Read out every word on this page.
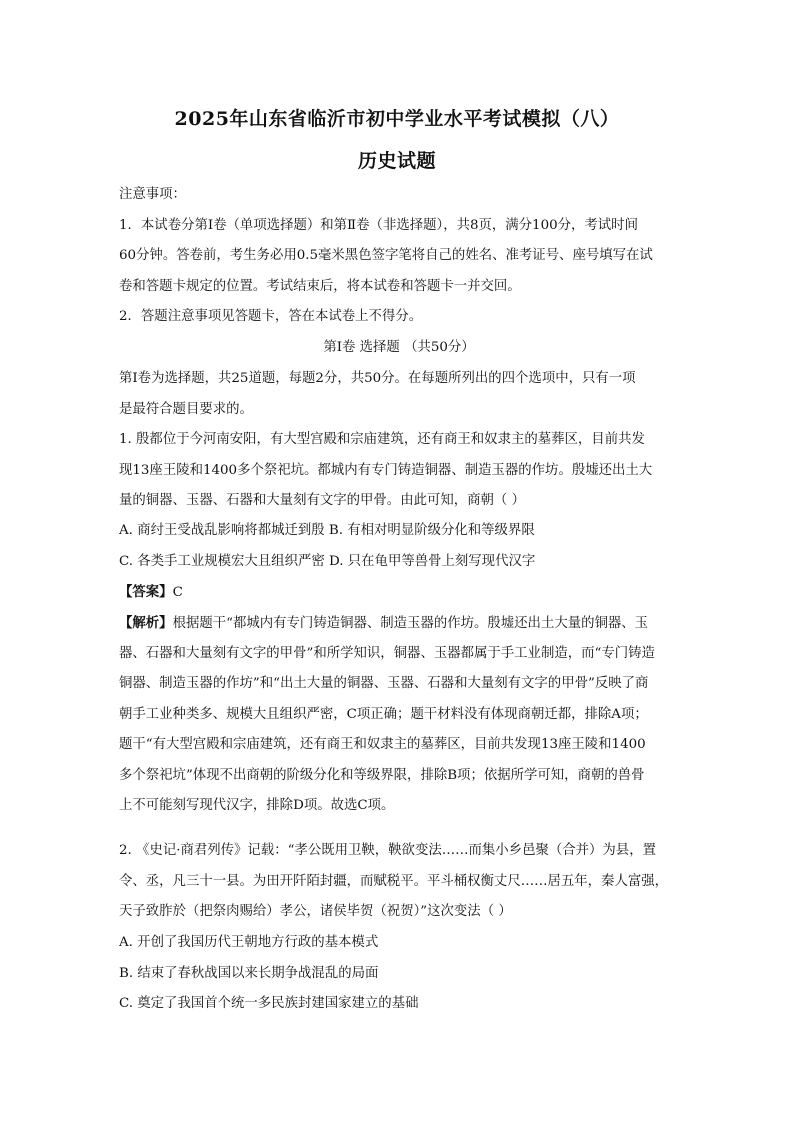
2025年山东省临沂市初中学业水平考试模拟（八）
历史试题
注意事项：
1．本试卷分第Ⅰ卷（单项选择题）和第Ⅱ卷（非选择题），共8页，满分100分，考试时间
60分钟。答卷前，考生务必用0.5毫米黑色签字笔将自己的姓名、准考证号、座号填写在试
卷和答题卡规定的位置。考试结束后，将本试卷和答题卡一并交回。
2．答题注意事项见答题卡，答在本试卷上不得分。
第Ⅰ卷 选择题 （共50分）
第Ⅰ卷为选择题，共25道题，每题2分，共50分。在每题所列出的四个选项中，只有一项
是最符合题目要求的。
1. 殷都位于今河南安阳，有大型宫殿和宗庙建筑，还有商王和奴隶主的墓葬区，目前共发
现13座王陵和1400多个祭祀坑。都城内有专门铸造铜器、制造玉器的作坊。殷墟还出土大
量的铜器、玉器、石器和大量刻有文字的甲骨。由此可知，商朝（ ）
A. 商纣王受战乱影响将都城迁到殷 B. 有相对明显阶级分化和等级界限
C. 各类手工业规模宏大且组织严密 D. 只在龟甲等兽骨上刻写现代汉字
【答案】C
【解析】根据题干“都城内有专门铸造铜器、制造玉器的作坊。殷墟还出土大量的铜器、玉
器、石器和大量刻有文字的甲骨”和所学知识，铜器、玉器都属于手工业制造，而“专门铸造
铜器、制造玉器的作坊”和“出土大量的铜器、玉器、石器和大量刻有文字的甲骨”反映了商
朝手工业种类多、规模大且组织严密，C项正确；题干材料没有体现商朝迁都，排除A项；
题干“有大型宫殿和宗庙建筑，还有商王和奴隶主的墓葬区，目前共发现13座王陵和1400
多个祭祀坑”体现不出商朝的阶级分化和等级界限，排除B项；依据所学可知，商朝的兽骨
上不可能刻写现代汉字，排除D项。故选C项。
2. 《史记·商君列传》记载：“孝公既用卫鞅，鞅欲变法……而集小乡邑聚（合并）为县，置
令、丞，凡三十一县。为田开阡陌封疆，而赋税平。平斗桶权衡丈尺……居五年，秦人富强，
天子致胙於（把祭肉赐给）孝公，诸侯毕贺（祝贺）”这次变法（ ）
A. 开创了我国历代王朝地方行政的基本模式
B. 结束了春秋战国以来长期争战混乱的局面
C. 奠定了我国首个统一多民族封建国家建立的基础
